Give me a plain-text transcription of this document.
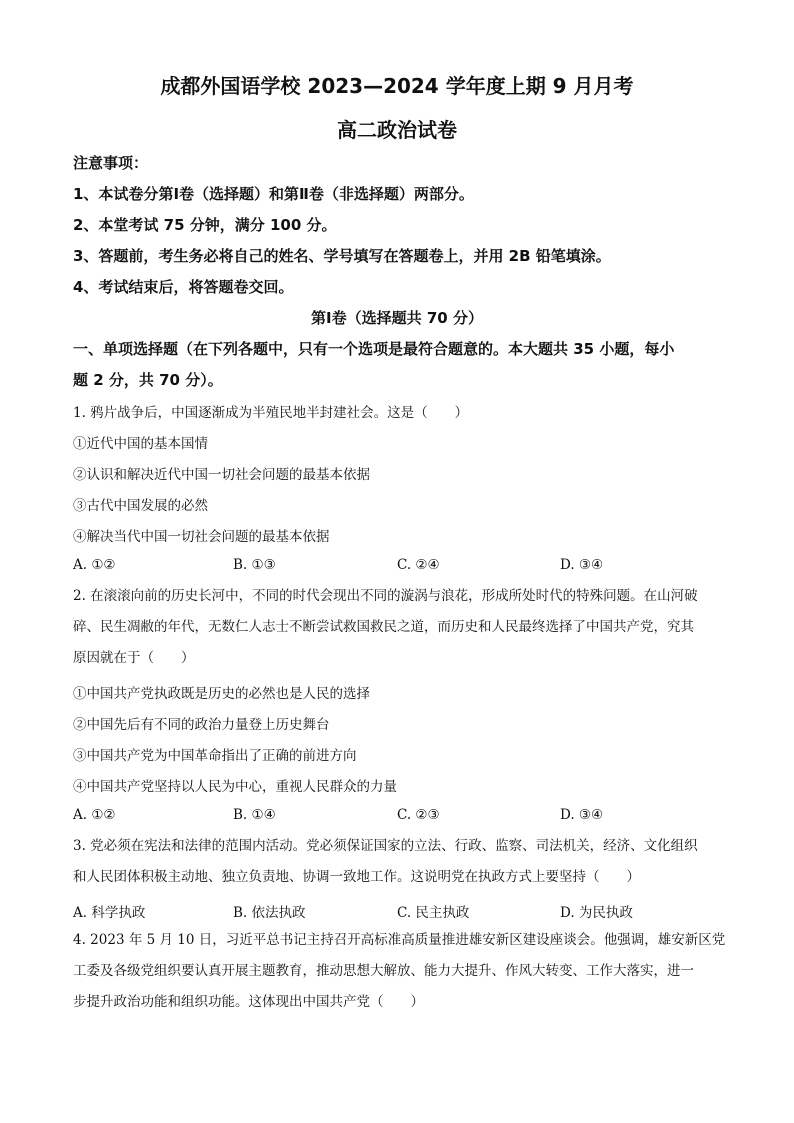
成都外国语学校 2023—2024 学年度上期 9 月月考
高二政治试卷
注意事项：
1、本试卷分第Ⅰ卷（选择题）和第Ⅱ卷（非选择题）两部分。
2、本堂考试 75 分钟，满分 100 分。
3、答题前，考生务必将自己的姓名、学号填写在答题卷上，并用 2B 铅笔填涂。
4、考试结束后，将答题卷交回。
第Ⅰ卷（选择题共 70 分）
一、单项选择题（在下列各题中，只有一个选项是最符合题意的。本大题共 35 小题，每小
题 2 分，共 70 分）。
1. 鸦片战争后，中国逐渐成为半殖民地半封建社会。这是（　　）
①近代中国的基本国情
②认识和解决近代中国一切社会问题的最基本依据
③古代中国发展的必然
④解决当代中国一切社会问题的最基本依据
A. ①②	B. ①③	C. ②④	D. ③④
2. 在滚滚向前的历史长河中，不同的时代会现出不同的漩涡与浪花，形成所处时代的特殊问题。在山河破
碎、民生凋敝的年代，无数仁人志士不断尝试救国救民之道，而历史和人民最终选择了中国共产党，究其
原因就在于（　　）
①中国共产党执政既是历史的必然也是人民的选择
②中国先后有不同的政治力量登上历史舞台
③中国共产党为中国革命指出了正确的前进方向
④中国共产党坚持以人民为中心，重视人民群众的力量
A. ①②	B. ①④	C. ②③	D. ③④
3. 党必须在宪法和法律的范围内活动。党必须保证国家的立法、行政、监察、司法机关，经济、文化组织
和人民团体积极主动地、独立负责地、协调一致地工作。这说明党在执政方式上要坚持（　　）
A. 科学执政	B. 依法执政	C. 民主执政	D. 为民执政
4. 2023 年 5 月 10 日，习近平总书记主持召开高标准高质量推进雄安新区建设座谈会。他强调，雄安新区党
工委及各级党组织要认真开展主题教育，推动思想大解放、能力大提升、作风大转变、工作大落实，进一
步提升政治功能和组织功能。这体现出中国共产党（　　）
